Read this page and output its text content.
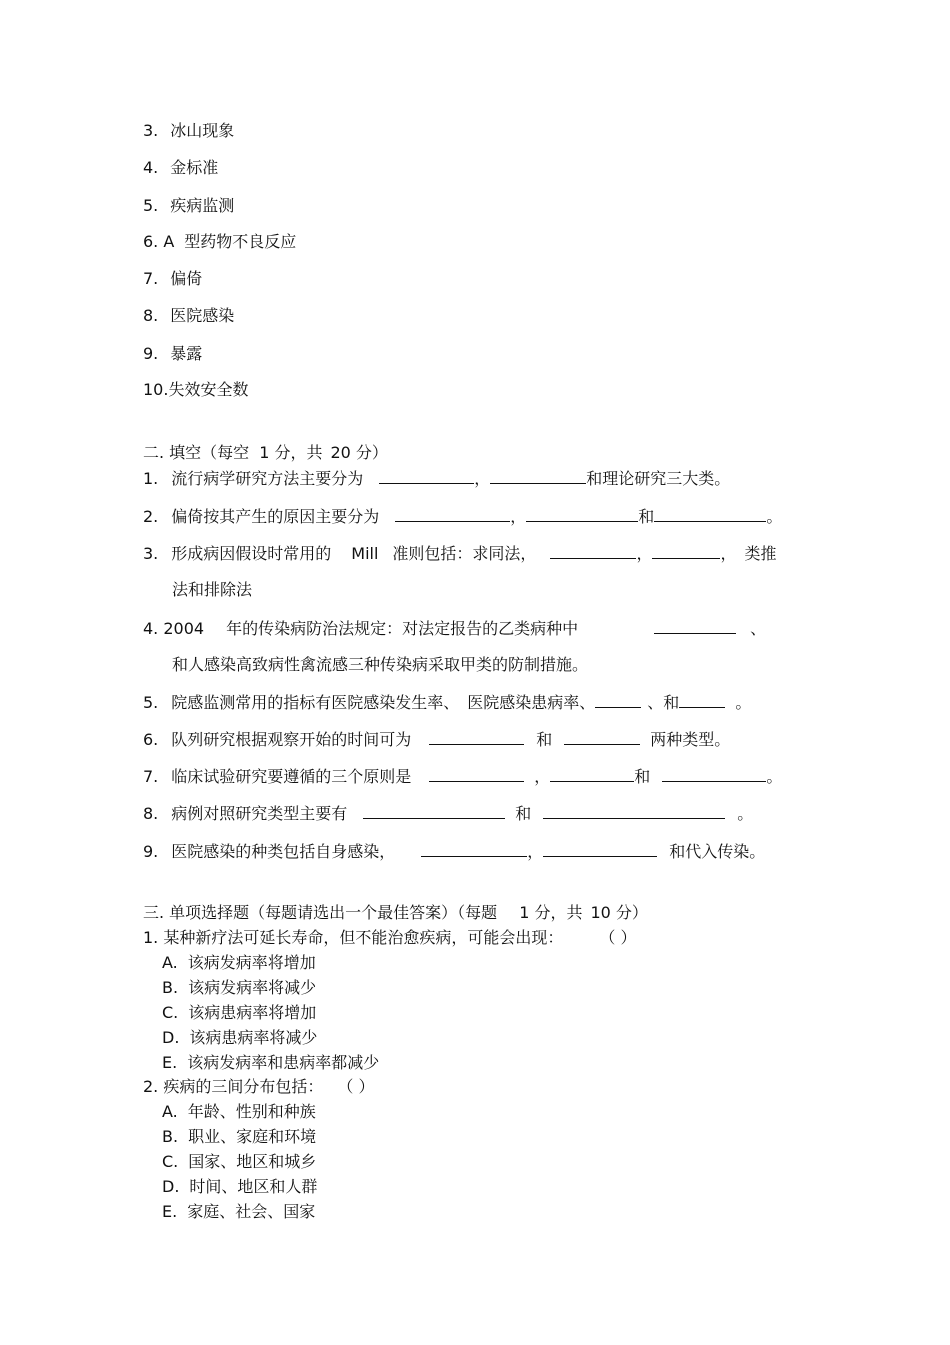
3. 冰山现象
4. 金标准
5. 疾病监测
6. A 型药物不良反应
7. 偏倚
8. 医院感染
9. 暴露
10.失效安全数
二. 填空（每空 1 分，共 20 分）
1. 流行病学研究方法主要分为	，	和理论研究三大类。
2. 偏倚按其产生的原因主要分为	，	和	。
3. 形成病因假设时常用的 Mill 准则包括：求同法，	，	， 类推
法和排除法
4. 2004 年的传染病防治法规定：对法定报告的乙类病种中	、
和人感染高致病性禽流感三种传染病采取甲类的防制措施。
5. 院感监测常用的指标有医院感染发生率、 医院感染患病率、	、和	。
6. 队列研究根据观察开始的时间可为	和	两种类型。
7. 临床试验研究要遵循的三个原则是	，	和	。
8. 病例对照研究类型主要有	和	。
9. 医院感染的种类包括自身感染，	，	和代入传染。
三. 单项选择题（每题请选出一个最佳答案）（每题 1 分，共 10 分）
1. 某种新疗法可延长寿命，但不能治愈疾病，可能会出现： （ ）
A. 该病发病率将增加
B. 该病发病率将减少
C. 该病患病率将增加
D. 该病患病率将减少
E. 该病发病率和患病率都减少
2. 疾病的三间分布包括： （ ）
A. 年龄、性别和种族
B. 职业、家庭和环境
C. 国家、地区和城乡
D. 时间、地区和人群
E. 家庭、社会、国家
